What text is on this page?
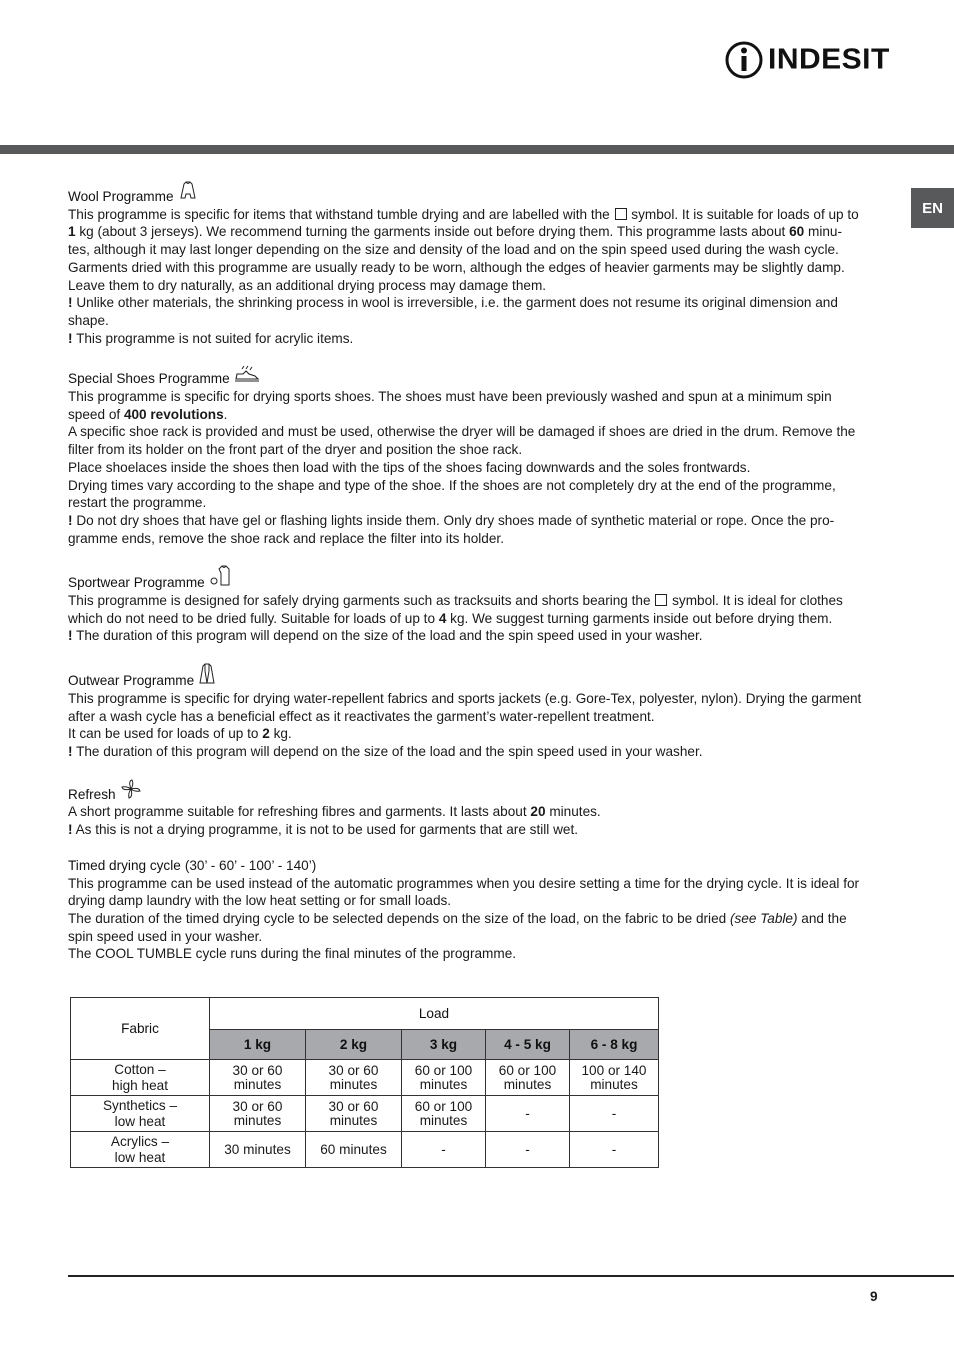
INDESIT
EN
Wool Programme

This programme is specific for items that withstand tumble drying and are labelled with the symbol. It is suitable for loads of up to
1 kg (about 3 jerseys). We recommend turning the garments inside out before drying them. This programme lasts about 60 minu-
tes, although it may last longer depending on the size and density of the load and on the spin speed used during the wash cycle.
Garments dried with this programme are usually ready to be worn, although the edges of heavier garments may be slightly damp.
Leave them to dry naturally, as an additional drying process may damage them.

! Unlike other materials, the shrinking process in wool is irreversible, i.e. the garment does not resume its original dimension and
shape.

! This programme is not suited for acrylic items.

Special Shoes Programme

This programme is specific for drying sports shoes. The shoes must have been previously washed and spun at a minimum spin
speed of 400 revolutions.
A specific shoe rack is provided and must be used, otherwise the dryer will be damaged if shoes are dried in the drum. Remove the
filter from its holder on the front part of the dryer and position the shoe rack.
Place shoelaces inside the shoes then load with the tips of the shoes facing downwards and the soles frontwards.
Drying times vary according to the shape and type of the shoe. If the shoes are not completely dry at the end of the programme,
restart the programme.

! Do not dry shoes that have gel or flashing lights inside them. Only dry shoes made of synthetic material or rope. Once the pro-
gramme ends, remove the shoe rack and replace the filter into its holder.

Sportwear Programme

This programme is designed for safely drying garments such as tracksuits and shorts bearing the symbol. It is ideal for clothes
which do not need to be dried fully. Suitable for loads of up to 4 kg. We suggest turning garments inside out before drying them.

! The duration of this program will depend on the size of the load and the spin speed used in your washer.

Outwear Programme

This programme is specific for drying water-repellent fabrics and sports jackets (e.g. Gore-Tex, polyester, nylon). Drying the garment
after a wash cycle has a beneficial effect as it reactivates the garment’s water-repellent treatment.
It can be used for loads of up to 2 kg.

! The duration of this program will depend on the size of the load and the spin speed used in your washer.

Refresh

A short programme suitable for refreshing fibres and garments. It lasts about 20 minutes.

! As this is not a drying programme, it is not to be used for garments that are still wet.

Timed drying cycle (30’ - 60’ - 100’ - 140’)

This programme can be used instead of the automatic programmes when you desire setting a time for the drying cycle. It is ideal for
drying damp laundry with the low heat setting or for small loads.
The duration of the timed drying cycle to be selected depends on the size of the load, on the fabric to be dried (see Table) and the
spin speed used in your washer.
The COOL TUMBLE cycle runs during the final minutes of the programme.

Fabric	Load				
	1 kg	2 kg	3 kg	4 - 5 kg	6 - 8 kg
Cotton –
high heat	30 or 60
minutes	30 or 60
minutes	60 or 100
minutes	60 or 100
minutes	100 or 140
minutes
Synthetics –
low heat	30 or 60
minutes	30 or 60
minutes	60 or 100
minutes	-	-
Acrylics –
low heat	30 minutes	60 minutes	-	-	-
9
